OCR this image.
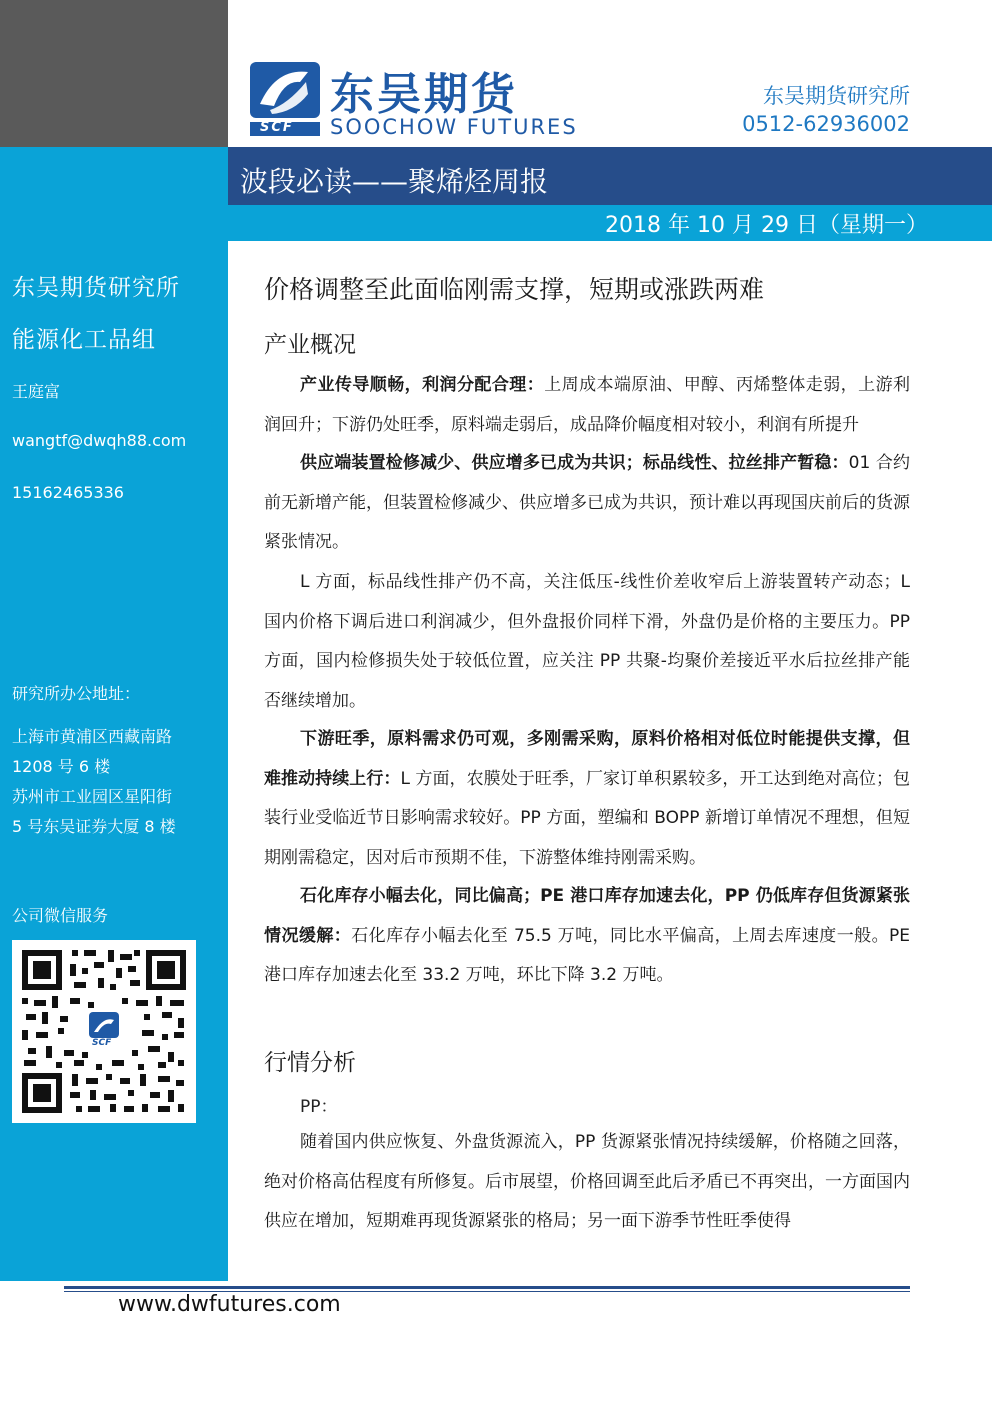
东吴期货研究所
能源化工品组
王庭富
wangtf@dwqh88.com
15162465336
研究所办公地址：
上海市黄浦区西藏南路
1208 号 6 楼
苏州市工业园区星阳街
5 号东吴证券大厦 8 楼
公司微信服务
SCF
SCF
东吴期货
SOOCHOW FUTURES
东吴期货研究所
0512-62936002
波段必读——聚烯烃周报
2018 年 10 月 29 日（星期一）
价格调整至此面临刚需支撑，短期或涨跌两难
产业概况

产业传导顺畅，利润分配合理：上周成本端原油、甲醇、丙烯整体走弱，上游利润回升；下游仍处旺季，原料端走弱后，成品降价幅度相对较小，利润有所提升

供应端装置检修减少、供应增多已成为共识；标品线性、拉丝排产暂稳：01 合约前无新增产能，但装置检修减少、供应增多已成为共识，预计难以再现国庆前后的货源紧张情况。

L 方面，标品线性排产仍不高，关注低压-线性价差收窄后上游装置转产动态；L 国内价格下调后进口利润减少，但外盘报价同样下滑，外盘仍是价格的主要压力。PP 方面，国内检修损失处于较低位置，应关注 PP 共聚-均聚价差接近平水后拉丝排产能否继续增加。

下游旺季，原料需求仍可观，多刚需采购，原料价格相对低位时能提供支撑，但难推动持续上行：L 方面，农膜处于旺季，厂家订单积累较多，开工达到绝对高位；包装行业受临近节日影响需求较好。PP 方面，塑编和 BOPP 新增订单情况不理想，但短期刚需稳定，因对后市预期不佳，下游整体维持刚需采购。

石化库存小幅去化，同比偏高；PE 港口库存加速去化，PP 仍低库存但货源紧张情况缓解：石化库存小幅去化至 75.5 万吨，同比水平偏高，上周去库速度一般。PE 港口库存加速去化至 33.2 万吨，环比下降 3.2 万吨。

行情分析
PP：

随着国内供应恢复、外盘货源流入，PP 货源紧张情况持续缓解，价格随之回落，绝对价格高估程度有所修复。后市展望，价格回调至此后矛盾已不再突出，一方面国内供应在增加，短期难再现货源紧张的格局；另一面下游季节性旺季使得

www.dwfutures.com
